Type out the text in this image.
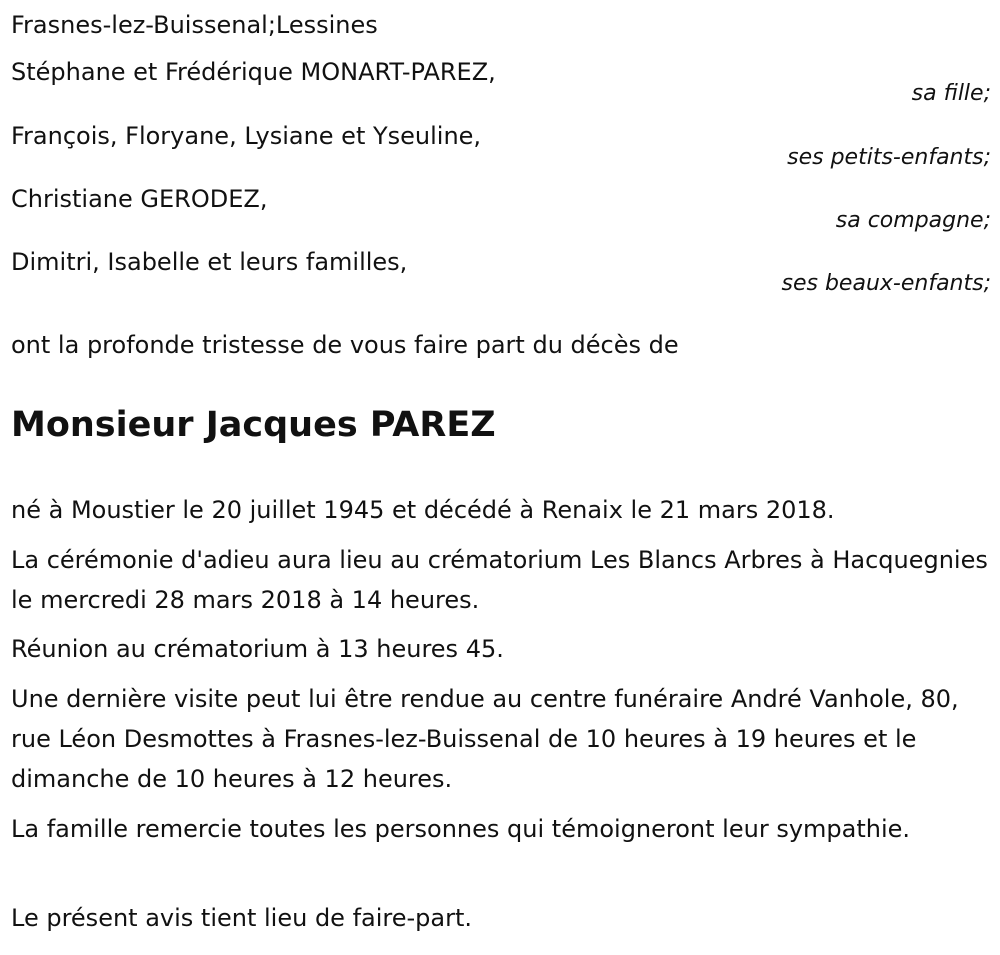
Frasnes-lez-Buissenal;Lessines
Stéphane et Frédérique MONART-PAREZ,
sa fille;
François, Floryane, Lysiane et Yseuline,
ses petits-enfants;
Christiane GERODEZ,
sa compagne;
Dimitri, Isabelle et leurs familles,
ses beaux-enfants;
ont la profonde tristesse de vous faire part du décès de
Monsieur Jacques PAREZ
né à Moustier le 20 juillet 1945 et décédé à Renaix le 21 mars 2018.
La cérémonie d'adieu aura lieu au crématorium Les Blancs Arbres à Hacquegnies le mercredi 28 mars 2018 à 14 heures.
Réunion au crématorium à 13 heures 45.
Une dernière visite peut lui être rendue au centre funéraire André Vanhole, 80, rue Léon Desmottes à Frasnes-lez-Buissenal de 10 heures à 19 heures et le dimanche de 10 heures à 12 heures.
La famille remercie toutes les personnes qui témoigneront leur sympathie.
Le présent avis tient lieu de faire-part.
